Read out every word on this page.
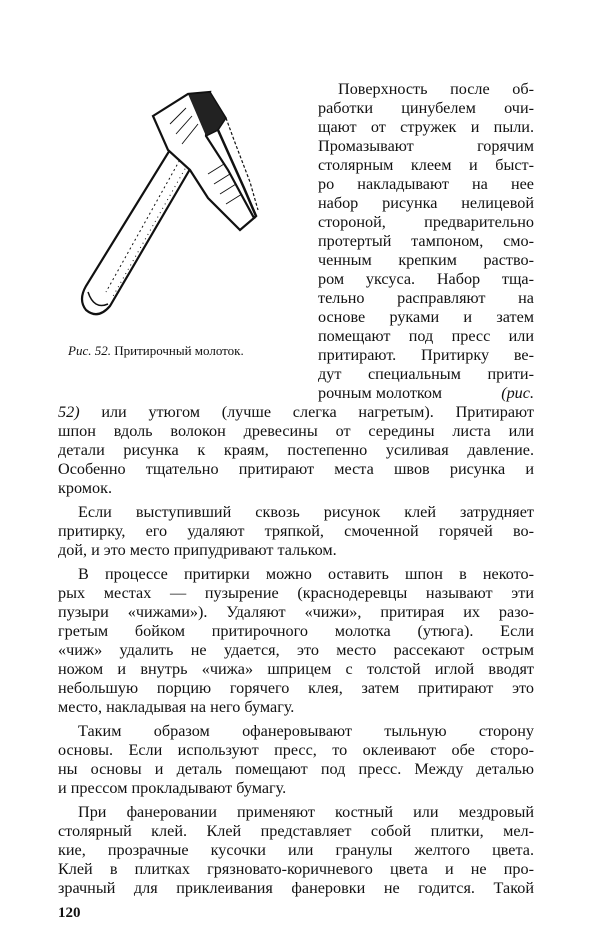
Рис. 52. Притирочный молоток.
Поверхность после об-
работки цинубелем очи-
щают от стружек и пыли.
Промазывают горячим
столярным клеем и быст-
ро накладывают на нее
набор рисунка нелицевой
стороной, предварительно
протертый тампоном, смо-
ченным крепким раство-
ром уксуса. Набор тща-
тельно расправляют на
основе руками и затем
помещают под пресс или
притирают. Притирку ве-
дут специальным прити-
рочным молотком	(рис.
52) или утюгом (лучше слегка нагретым). Притирают
шпон вдоль волокон древесины от середины листа или
детали рисунка к краям, постепенно усиливая давление.
Особенно тщательно притирают места швов рисунка и
кромок.
Если выступивший сквозь рисунок клей затрудняет
притирку, его удаляют тряпкой, смоченной горячей во-
дой, и это место припудривают тальком.
В процессе притирки можно оставить шпон в некото-
рых местах — пузырение (краснодеревцы называют эти
пузыри «чижами»). Удаляют «чижи», притирая их разо-
гретым бойком притирочного молотка (утюга). Если
«чиж» удалить не удается, это место рассекают острым
ножом и внутрь «чижа» шприцем с толстой иглой вводят
небольшую порцию горячего клея, затем притирают это
место, накладывая на него бумагу.
Таким образом офанеровывают тыльную сторону
основы. Если используют пресс, то оклеивают обе сторо-
ны основы и деталь помещают под пресс. Между деталью
и прессом прокладывают бумагу.
При фанеровании применяют костный или мездровый
столярный клей. Клей представляет собой плитки, мел-
кие, прозрачные кусочки или гранулы желтого цвета.
Клей в плитках грязновато-коричневого цвета и не про-
зрачный для приклеивания фанеровки не годится. Такой
120
